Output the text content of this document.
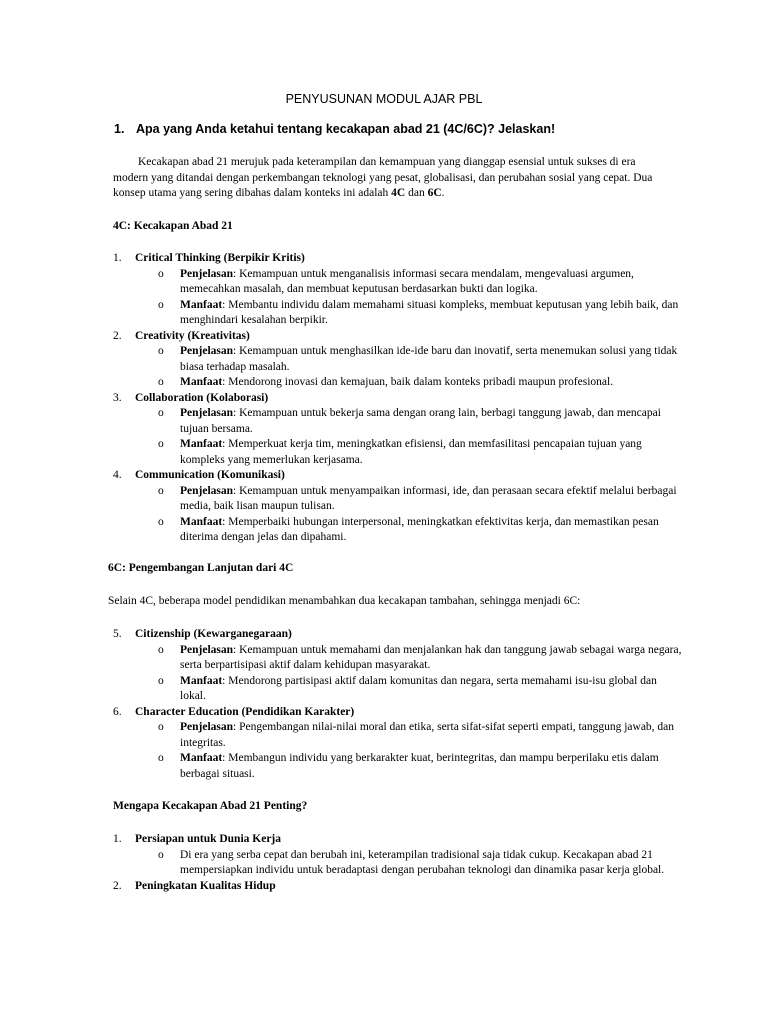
PENYUSUNAN MODUL AJAR PBL
1. Apa yang Anda ketahui tentang kecakapan abad 21 (4C/6C)? Jelaskan!

Kecakapan abad 21 merujuk pada keterampilan dan kemampuan yang dianggap esensial untuk sukses di era modern yang ditandai dengan perkembangan teknologi yang pesat, globalisasi, dan perubahan sosial yang cepat. Dua konsep utama yang sering dibahas dalam konteks ini adalah 4C dan 6C.

4C: Kecakapan Abad 21

1. Critical Thinking (Berpikir Kritis)
o Penjelasan: Kemampuan untuk menganalisis informasi secara mendalam, mengevaluasi argumen, memecahkan masalah, dan membuat keputusan berdasarkan bukti dan logika.
o Manfaat: Membantu individu dalam memahami situasi kompleks, membuat keputusan yang lebih baik, dan menghindari kesalahan berpikir.
2. Creativity (Kreativitas)
o Penjelasan: Kemampuan untuk menghasilkan ide-ide baru dan inovatif, serta menemukan solusi yang tidak biasa terhadap masalah.
o Manfaat: Mendorong inovasi dan kemajuan, baik dalam konteks pribadi maupun profesional.
3. Collaboration (Kolaborasi)
o Penjelasan: Kemampuan untuk bekerja sama dengan orang lain, berbagi tanggung jawab, dan mencapai tujuan bersama.
o Manfaat: Memperkuat kerja tim, meningkatkan efisiensi, dan memfasilitasi pencapaian tujuan yang kompleks yang memerlukan kerjasama.
4. Communication (Komunikasi)
o Penjelasan: Kemampuan untuk menyampaikan informasi, ide, dan perasaan secara efektif melalui berbagai media, baik lisan maupun tulisan.
o Manfaat: Memperbaiki hubungan interpersonal, meningkatkan efektivitas kerja, dan memastikan pesan diterima dengan jelas dan dipahami.

6C: Pengembangan Lanjutan dari 4C

Selain 4C, beberapa model pendidikan menambahkan dua kecakapan tambahan, sehingga menjadi 6C:

5. Citizenship (Kewarganegaraan)
o Penjelasan: Kemampuan untuk memahami dan menjalankan hak dan tanggung jawab sebagai warga negara, serta berpartisipasi aktif dalam kehidupan masyarakat.
o Manfaat: Mendorong partisipasi aktif dalam komunitas dan negara, serta memahami isu-isu global dan lokal.
6. Character Education (Pendidikan Karakter)
o Penjelasan: Pengembangan nilai-nilai moral dan etika, serta sifat-sifat seperti empati, tanggung jawab, dan integritas.
o Manfaat: Membangun individu yang berkarakter kuat, berintegritas, dan mampu berperilaku etis dalam berbagai situasi.

Mengapa Kecakapan Abad 21 Penting?

1. Persiapan untuk Dunia Kerja
o Di era yang serba cepat dan berubah ini, keterampilan tradisional saja tidak cukup. Kecakapan abad 21 mempersiapkan individu untuk beradaptasi dengan perubahan teknologi dan dinamika pasar kerja global.
2. Peningkatan Kualitas Hidup
